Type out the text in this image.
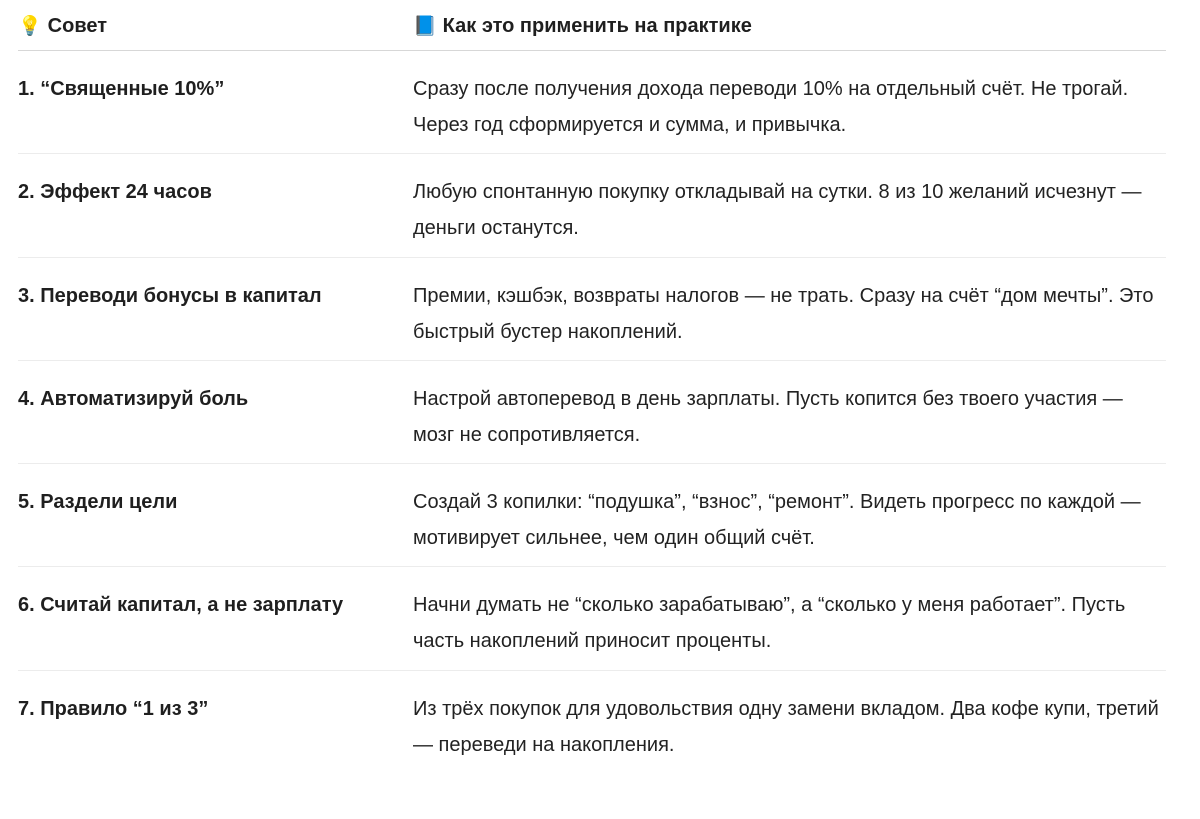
💡 Совет	📘 Как это применить на практике
1. “Священные 10%”	Сразу после получения дохода переводи 10% на отдельный счёт. Не трогай. Через год сформируется и сумма, и привычка.
2. Эффект 24 часов	Любую спонтанную покупку откладывай на сутки. 8 из 10 желаний исчезнут — деньги останутся.
3. Переводи бонусы в капитал	Премии, кэшбэк, возвраты налогов — не трать. Сразу на счёт “дом мечты”. Это быстрый бустер накоплений.
4. Автоматизируй боль	Настрой автоперевод в день зарплаты. Пусть копится без твоего участия — мозг не сопротивляется.
5. Раздели цели	Создай 3 копилки: “подушка”, “взнос”, “ремонт”. Видеть прогресс по каждой — мотивирует сильнее, чем один общий счёт.
6. Считай капитал, а не зарплату	Начни думать не “сколько зарабатываю”, а “сколько у меня работает”. Пусть часть накоплений приносит проценты.
7. Правило “1 из 3”	Из трёх покупок для удовольствия одну замени вкладом. Два кофе купи, третий — переведи на накопления.
